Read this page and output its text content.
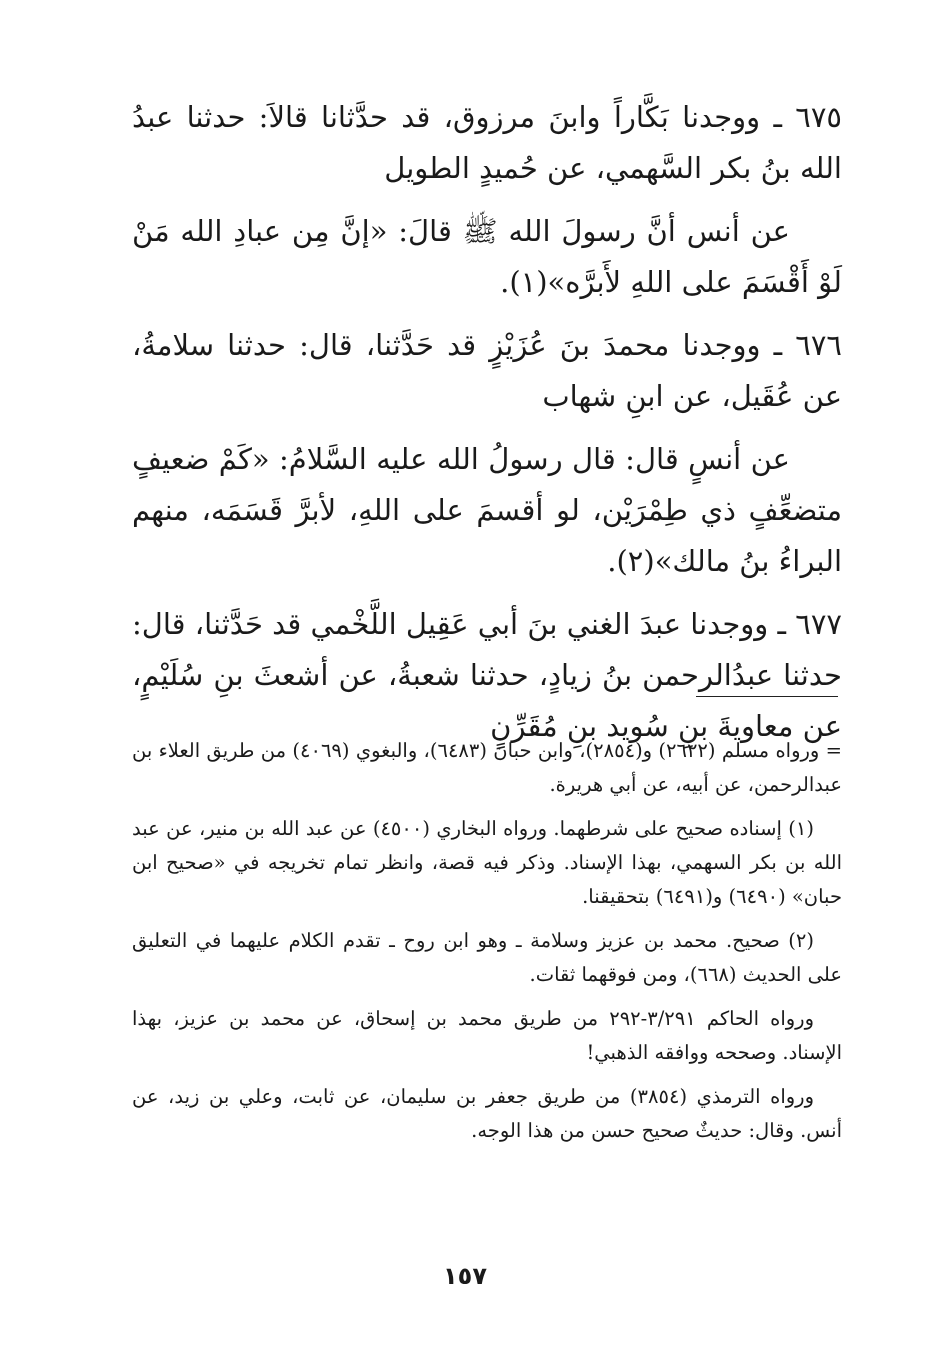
٦٧٥ ـ ووجدنا بَكَّاراً وابنَ مرزوق، قد حدَّثانا قالاَ: حدثنا عبدُ الله بنُ بكر السَّهمي، عن حُميدٍ الطويل

عن أنس أنَّ رسولَ الله ﷺ قالَ: «إنَّ مِن عبادِ الله مَنْ لَوْ أَقْسَمَ على اللهِ لأَبرَّه»(١).

٦٧٦ ـ ووجدنا محمدَ بنَ عُزَيْزٍ قد حَدَّثنا، قال: حدثنا سلامةُ، عن عُقَيل، عن ابنِ شهاب

عن أنسٍ قال: قال رسولُ الله عليه السَّلامُ: «كَمْ ضعيفٍ متضعِّفٍ ذي طِمْرَيْن، لو أقسمَ على اللهِ، لأبرَّ قَسَمَه، منهم البراءُ بنُ مالك»(٢).

٦٧٧ ـ ووجدنا عبدَ الغني بنَ أبي عَقِيل اللَّخْمي قد حَدَّثنا، قال: حدثنا عبدُالرحمن بنُ زيادٍ، حدثنا شعبةُ، عن أشعثَ بنِ سُلَيْمٍ، عن معاويةَ بنِ سُويد بنِ مُقَرِّنٍ

= ورواه مسلم (٢٦٢٢) و(٢٨٥٤)، وابن حبان (٦٤٨٣)، والبغوي (٤٠٦٩) من طريق العلاء بن عبدالرحمن، عن أبيه، عن أبي هريرة.

(١) إسناده صحيح على شرطهما. ورواه البخاري (٤٥٠٠) عن عبد الله بن منير، عن عبد الله بن بكر السهمي، بهذا الإسناد. وذكر فيه قصة، وانظر تمام تخريجه في «صحيح ابن حبان» (٦٤٩٠) و(٦٤٩١) بتحقيقنا.

(٢) صحيح. محمد بن عزيز وسلامة ـ وهو ابن روح ـ تقدم الكلام عليهما في التعليق على الحديث (٦٦٨)، ومن فوقهما ثقات.

ورواه الحاكم ٣/٢٩١-٢٩٢ من طريق محمد بن إسحاق، عن محمد بن عزيز، بهذا الإسناد. وصححه ووافقه الذهبي!

ورواه الترمذي (٣٨٥٤) من طريق جعفر بن سليمان، عن ثابت، وعلي بن زيد، عن أنس. وقال: حديثٌ صحيح حسن من هذا الوجه.

١٥٧
